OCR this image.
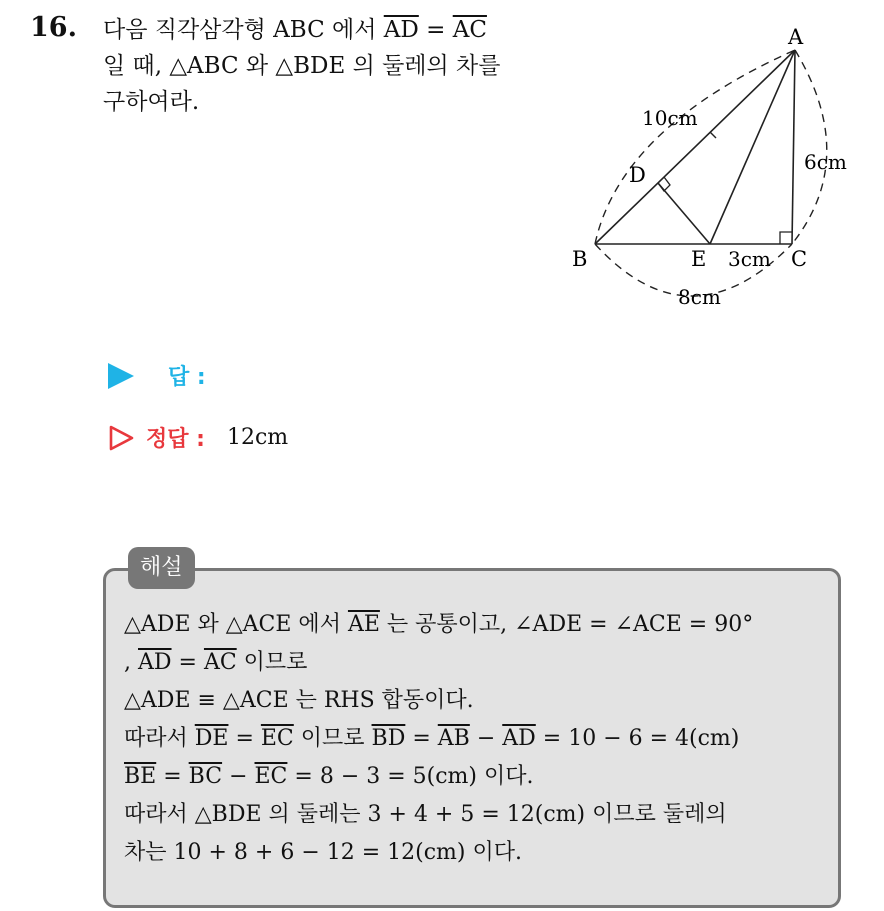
16. 다음 직각삼각형 ABC 에서 $\overline{AD} = \overline{AC}$
일 때, △ABC 와 △BDE 의 둘레의 차를
구하여라.
A
B	C
D
E
10cm
6cm
3cm
8cm
답 :
정답 : 12cm
해설
△ADE 와 △ACE 에서 $\overline{AE}$ 는 공통이고, ∠ADE = ∠ACE = 90°
, $\overline{AD} = \overline{AC}$ 이므로
△ADE ≡ △ACE 는 RHS 합동이다.
따라서 $\overline{DE} = \overline{EC}$ 이므로 $\overline{BD} = \overline{AB} - \overline{AD} = 10 - 6 = 4(cm)$
$\overline{BE} = \overline{BC} - \overline{EC} = 8 - 3 = 5(cm)$ 이다.
따라서 △BDE 의 둘레는 3 + 4 + 5 = 12(cm) 이므로 둘레의
차는 10 + 8 + 6 − 12 = 12(cm) 이다.
